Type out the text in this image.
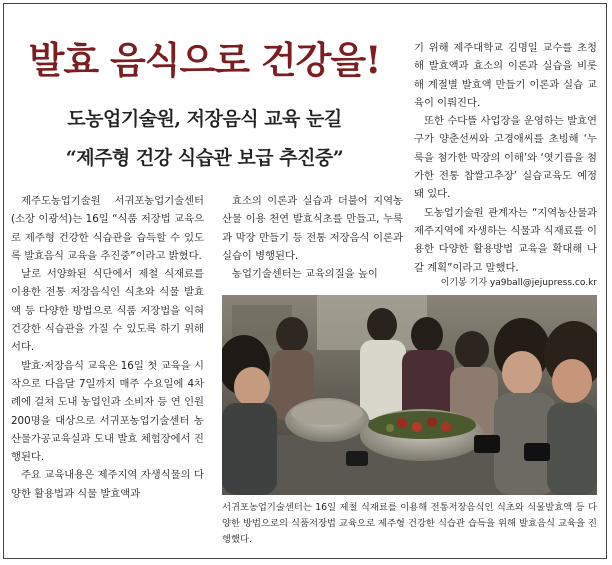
발효 음식으로 건강을!
도농업기술원, 저장음식 교육 눈길
“제주형 건강 식습관 보급 추진중”

제주도농업기술원 서귀포농업기술센터(소장 이광석)는 16일 “식품 저장법 교육으로 제주형 건강한 식습관을 습득할 수 있도록 발효음식 교육을 추진중”이라고 밝혔다.

날로 서양화된 식단에서 제철 식재료를 이용한 전통 저장음식인 식초와 식물 발효액 등 다양한 방법으로 식품 저장법을 익혀 건강한 식습관을 가질 수 있도록 하기 위해서다.

발효·저장음식 교육은 16일 첫 교육을 시작으로 다음달 7일까지 매주 수요일에 4차례에 걸쳐 도내 농업인과 소비자 등 연 인원 200명을 대상으로 서귀포농업기술센터 농산물가공교육실과 도내 발효 체험장에서 진행된다.

주요 교육내용은 제주지역 자생식물의 다양한 활용법과 식물 발효액과

효소의 이론과 실습과 더불어 지역농산물 이용 천연 발효식초를 만들고, 누룩과 막장 만들기 등 전통 저장음식 이론과 실습이 병행된다.

농업기술센터는 교육의질을 높이

기 위해 제주대학교 김명일 교수를 초청해 발효액과 효소의 이론과 실습을 비롯해 계절별 발효액 만들기 이론과 실습 교육이 이뤄진다.

또한 수다뜰 사업장을 운영하는 발효연구가 양춘선씨와 고경애씨를 초빙해 ‘누룩을 첨가한 막장의 이해’와 ‘엿기름을 첨가한 전통 찹쌀고추장’ 실습교육도 예정돼 있다.

도농업기술원 관계자는 “지역농산물과 제주지역에 자생하는 식물과 식재료를 이용한 다양한 활용방법 교육을 확대해 나갈 계획”이라고 말했다.

이기봉 기자 ya9ball@jejupress.co.kr

서귀포농업기술센터는 16일 제철 식재료를 이용해 전통저장음식인 식초와 식물발효액 등 다양한 방법으로의 식품저장법 교육으로 제주형 건강한 식습관 습득을 위해 발효음식 교육을 진행했다.
